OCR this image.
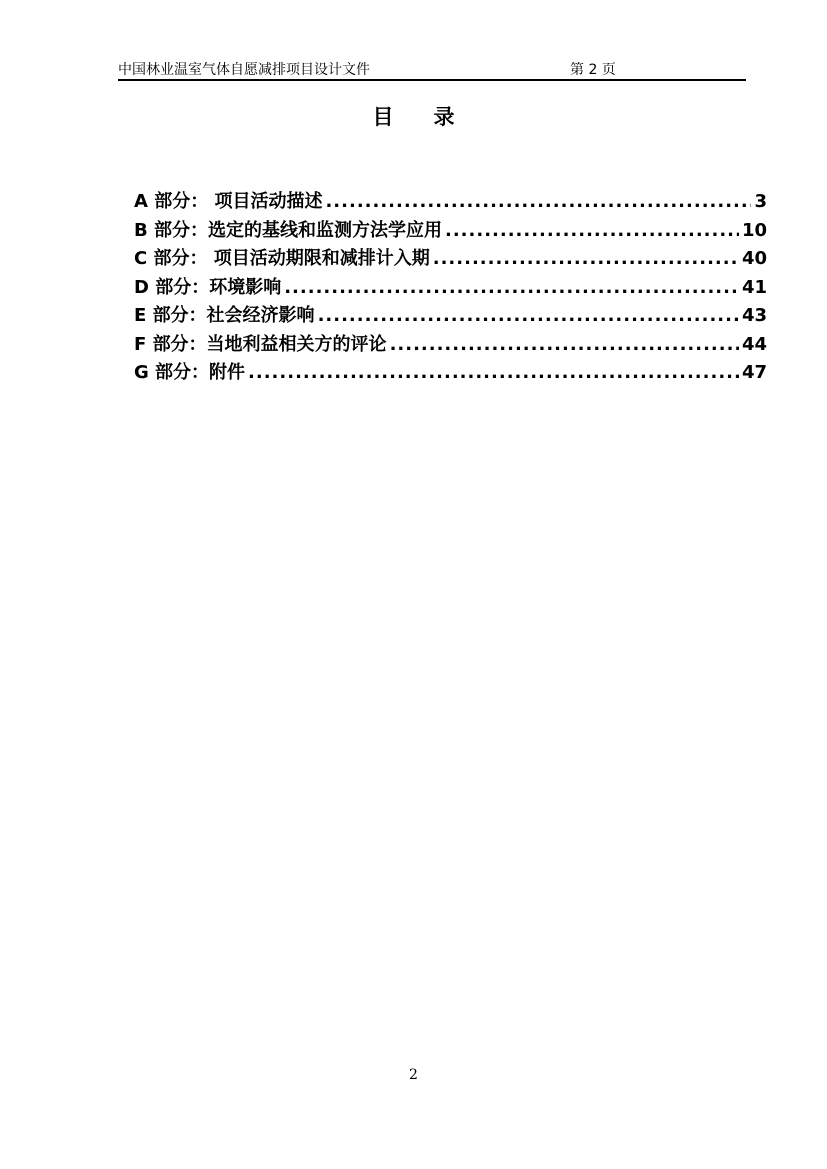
中国林业温室气体自愿减排项目设计文件	第 2 页
目 录
A 部分： 项目活动描述 .....	3
B 部分：选定的基线和监测方法学应用 .....	10
C 部分： 项目活动期限和减排计入期 .....	40
D 部分：环境影响 .....	41
E 部分：社会经济影响 .....	43
F 部分：当地利益相关方的评论 .....	44
G 部分：附件 .....	47
2
